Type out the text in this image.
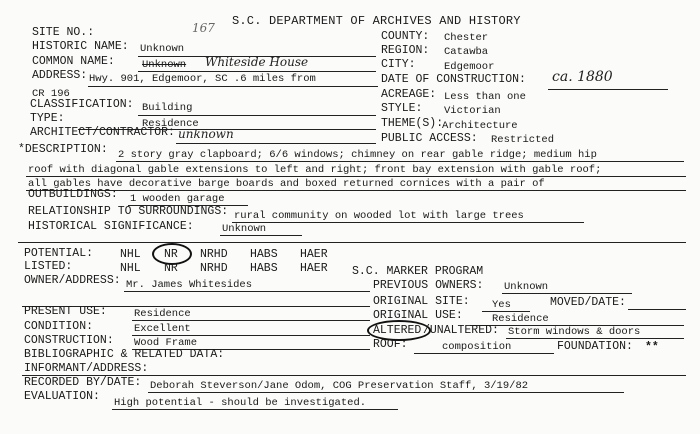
S.C. DEPARTMENT OF ARCHIVES AND HISTORY
SITE NO.:	167
COUNTY: Chester
HISTORIC NAME: Unknown	REGION: Catawba
COMMON NAME:	Unknown Whiteside House	CITY:	Edgemoor
ADDRESS: Hwy. 901, Edgemoor, SC .6 miles from	DATE OF CONSTRUCTION: ca. 1880
CR 196	ACREAGE: Less than one
CLASSIFICATION: Building	STYLE: Victorian
TYPE:	Residence	THEME(S):
Architecture
ARCHITECT/CONTRACTOR: unknown	PUBLIC ACCESS: Restricted
*DESCRIPTION: 2 story gray clapboard; 6/6 windows; chimney on rear gable ridge; medium hip
roof with diagonal gable extensions to left and right; front bay extension with gable roof;
all gables have decorative barge boards and boxed returned cornices with a pair of
OUTBUILDINGS: 1 wooden garage
RELATIONSHIP TO SURROUNDINGS: rural community on wooded lot with large trees
HISTORICAL SIGNIFICANCE:	Unknown
POTENTIAL: NHL NR NRHD HABS HAER
LISTED:	NHL NR NRHD HABS HAER S.C. MARKER PROGRAM
OWNER/ADDRESS: Mr. James Whitesides	PREVIOUS OWNERS: Unknown
ORIGINAL SITE: Yes	MOVED/DATE:
PRESENT USE:	Residence	ORIGINAL USE:	Residence
CONDITION:	Excellent	ALTERED /UNALTERED: Storm windows & doors
CONSTRUCTION: Wood Frame	ROOF:	composition	FOUNDATION: **
BIBLIOGRAPHIC & RELATED DATA:
INFORMANT/ADDRESS:
RECORDED BY/DATE: Deborah Steverson/Jane Odom, COG Preservation Staff, 3/19/82
EVALUATION: High potential - should be investigated.
